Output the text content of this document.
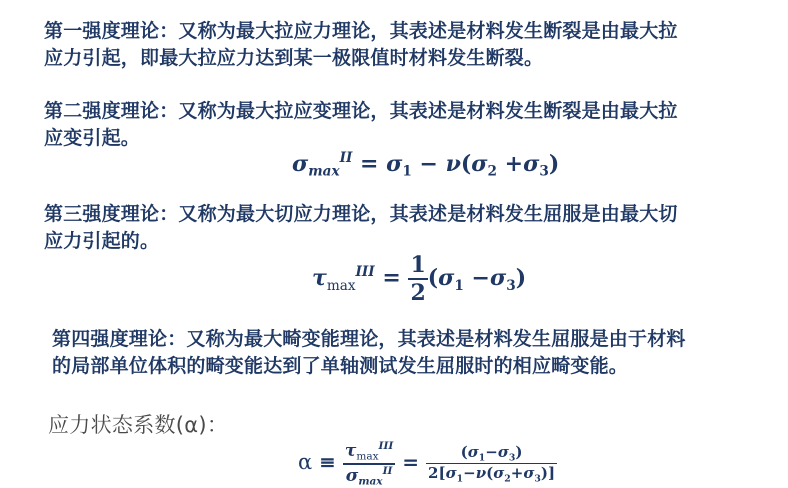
第一强度理论：又称为最大拉应力理论，其表述是材料发生断裂是由最大拉
应力引起，即最大拉应力达到某一极限值时材料发生断裂。
第二强度理论：又称为最大拉应变理论，其表述是材料发生断裂是由最大拉
应变引起。
$\sigma_{max}^{II} = \sigma_1 - \nu(\sigma_2 +\sigma_3)$
第三强度理论：又称为最大切应力理论，其表述是材料发生屈服是由最大切
应力引起的。
$\tau_{max}^{III} = \frac{1}{2} (\sigma_1 -\sigma_3)$
第四强度理论：又称为最大畸变能理论，其表述是材料发生屈服是由于材料
的局部单位体积的畸变能达到了单轴测试发生屈服时的相应畸变能。
应力状态系数(α)：
$\alpha \equiv \frac{\tau_{max}^{III}}{\sigma_{max}^{II}} = \frac{(\sigma_1-\sigma_3)}{2[\sigma_1-\nu(\sigma_2+\sigma_3)]}$
